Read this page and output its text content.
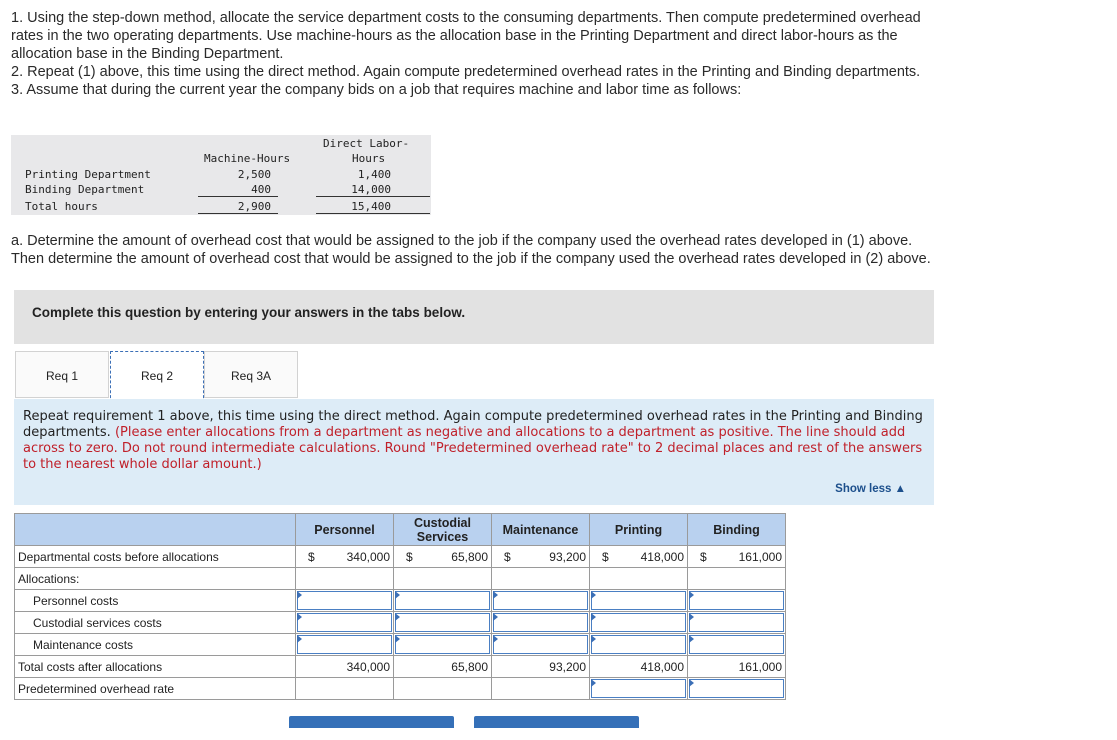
1. Using the step-down method, allocate the service department costs to the consuming departments. Then compute predetermined overhead rates in the two operating departments. Use machine-hours as the allocation base in the Printing Department and direct labor-hours as the allocation base in the Binding Department.

2. Repeat (1) above, this time using the direct method. Again compute predetermined overhead rates in the Printing and Binding departments.

3. Assume that during the current year the company bids on a job that requires machine and labor time as follows:

Machine-Hours
Direct Labor-
Hours
Printing Department	2,500	1,400
Binding Department	400	14,000
Total hours	2,900	15,400
a. Determine the amount of overhead cost that would be assigned to the job if the company used the overhead rates developed in (1) above. Then determine the amount of overhead cost that would be assigned to the job if the company used the overhead rates developed in (2) above.
Complete this question by entering your answers in the tabs below.
Req 1	Req 2	Req 3A
Repeat requirement 1 above, this time using the direct method. Again compute predetermined overhead rates in the Printing and Binding departments. (Please enter allocations from a department as negative and allocations to a department as positive. The line should add across to zero. Do not round intermediate calculations. Round "Predetermined overhead rate" to 2 decimal places and rest of the answers to the nearest whole dollar amount.)
Show less ▲
	Personnel	Custodial Services	Maintenance	Printing	Binding
Departmental costs before allocations	$ 340,000	$ 65,800	$ 93,200	$ 418,000	$ 161,000
Allocations:					
Personnel costs	

Custodial services costs	

Maintenance costs	

Total costs after allocations	340,000	65,800	93,200	418,000	161,000
Predetermined overhead rate				
